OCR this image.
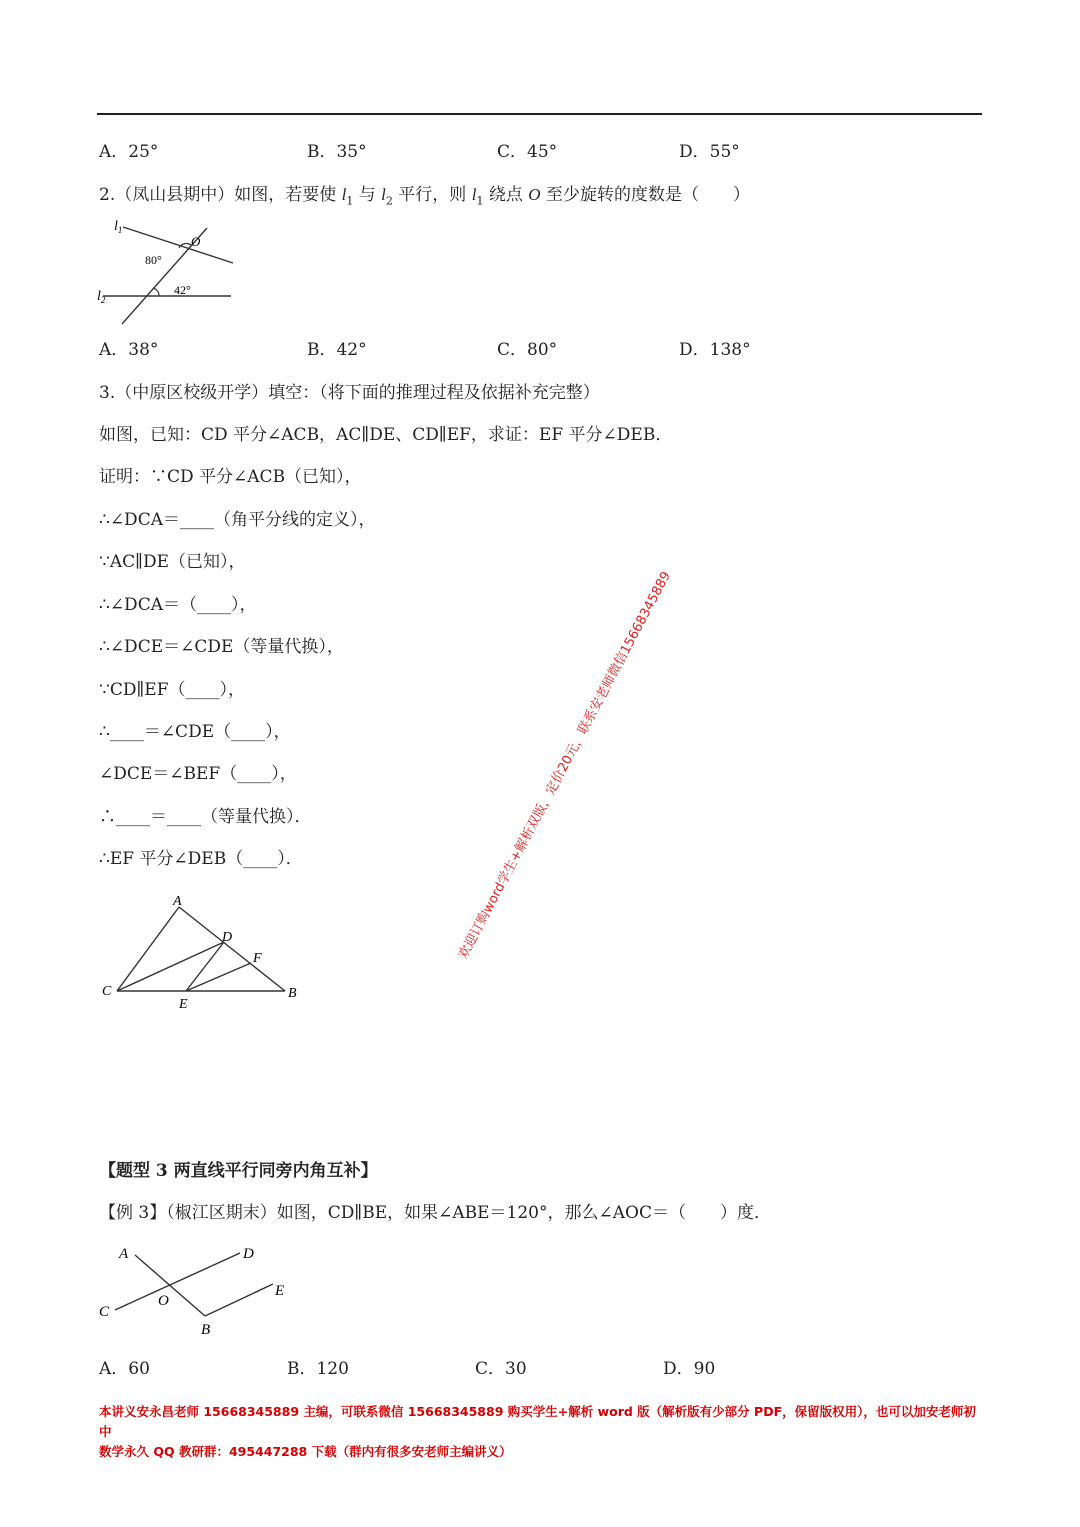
A．25°	B．35°	C．45°	D．55°
2.（凤山县期中）如图，若要使 $l_1$ 与 $l_2$ 平行，则 $l_1$ 绕点 O 至少旋转的度数是（　　）
$l_1$
$l_2$
O
80°
42°
A．38°	B．42°	C．80°	D．138°
3.（中原区校级开学）填空：（将下面的推理过程及依据补充完整）
如图，已知：CD 平分∠ACB，AC∥DE、CD∥EF，求证：EF 平分∠DEB．
证明：∵CD 平分∠ACB（已知），
∴∠DCA＝____（角平分线的定义），
∵AC∥DE（已知），
∴∠DCA＝（____），
∴∠DCE＝∠CDE（等量代换），
∵CD∥EF（____），
∴____＝∠CDE（____），
∠DCE＝∠BEF（____），
∴____＝____（等量代换）．
∴EF 平分∠DEB（____）．
A
D
F
C
E
B
【题型 3 两直线平行同旁内角互补】
【例 3】（椒江区期末）如图，CD∥BE，如果∠ABE＝120°，那么∠AOC＝（　　）度．
A	D
E
O
C
B
A．60	B．120	C．30	D．90
本讲义安永昌老师 15668345889 主编，可联系微信 15668345889 购买学生+解析 word 版（解析版有少部分 PDF，保留版权用），也可以加安老师初中
数学永久 QQ 教研群：495447288 下载（群内有很多安老师主编讲义）
欢迎订购word学生+解析双版，定价20元，联系安老师微信15668345889
